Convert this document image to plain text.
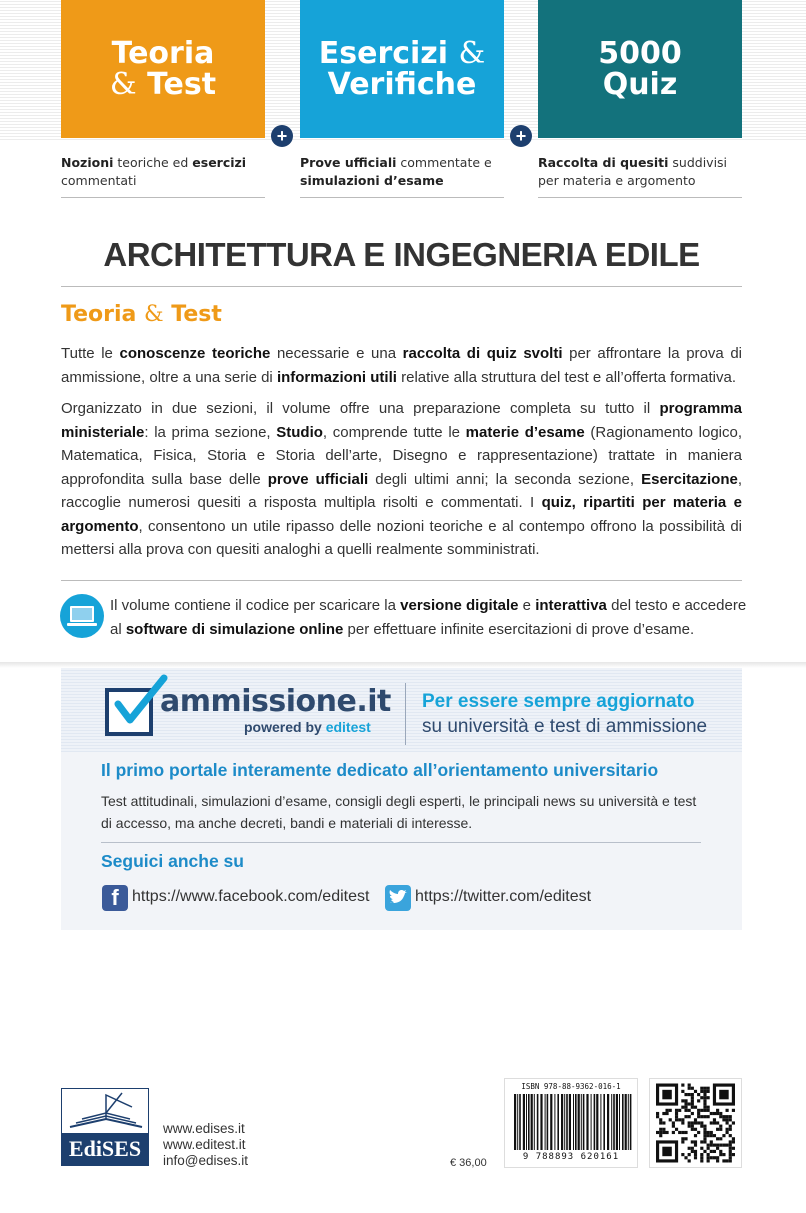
Teoria
& Test
Esercizi &
Verifiche
5000
Quiz
+	+
Nozioni teoriche ed esercizi commentati
Prove ufficiali commentate e simulazioni d’esame
Raccolta di quesiti suddivisi per materia e argomento
ARCHITETTURA E INGEGNERIA EDILE
Teoria & Test

Tutte le conoscenze teoriche necessarie e una raccolta di quiz svolti per affrontare la prova di ammissione, oltre a una serie di informazioni utili relative alla struttura del test e all’offerta formativa.

Organizzato in due sezioni, il volume offre una preparazione completa su tutto il programma ministeriale: la prima sezione, Studio, comprende tutte le materie d’esame (Ragionamento logico, Matematica, Fisica, Storia e Storia dell’arte, Disegno e rappresentazione) trattate in maniera approfondita sulla base delle prove ufficiali degli ultimi anni; la seconda sezione, Esercitazione, raccoglie numerosi quesiti a risposta multipla risolti e commentati. I quiz, ripartiti per materia e argomento, consentono un utile ripasso delle nozioni teoriche e al contempo offrono la possibilità di mettersi alla prova con quesiti analoghi a quelli realmente somministrati.

Il volume contiene il codice per scaricare la versione digitale e interattiva del testo e accedere al software di simulazione online per effettuare infinite esercitazioni di prove d’esame.

ammissione.it
powered by editest
Per essere sempre aggiornato
su università e test di ammissione
Il primo portale interamente dedicato all’orientamento universitario
Test attitudinali, simulazioni d’esame, consigli degli esperti, le principali news su università e test di accesso, ma anche decreti, bandi e materiali di interesse.
Seguici anche su
f https://www.facebook.com/editest	https://twitter.com/editest
EdiSES
www.edises.it
www.editest.it
info@edises.it	€ 36,00
ISBN 978-88-9362-016-1
9 788893 620161
